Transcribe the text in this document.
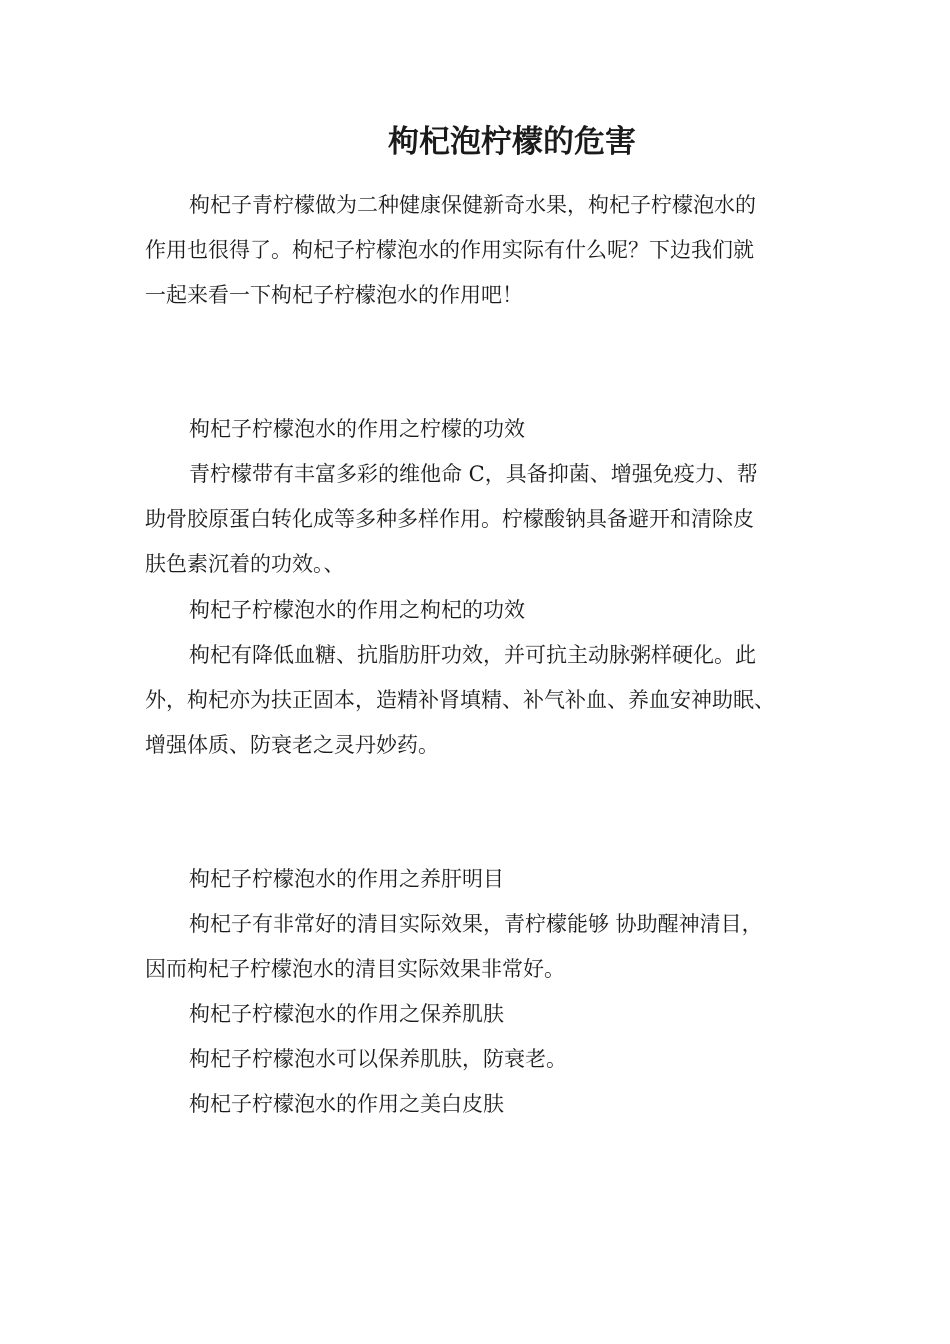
枸杞泡柠檬的危害
枸杞子青柠檬做为二种健康保健新奇水果，枸杞子柠檬泡水的
作用也很得了。枸杞子柠檬泡水的作用实际有什么呢？下边我们就
一起来看一下枸杞子柠檬泡水的作用吧！
枸杞子柠檬泡水的作用之柠檬的功效
青柠檬带有丰富多彩的维他命 C，具备抑菌、增强免疫力、帮
助骨胶原蛋白转化成等多种多样作用。柠檬酸钠具备避开和清除皮
肤色素沉着的功效。、
枸杞子柠檬泡水的作用之枸杞的功效
枸杞有降低血糖、抗脂肪肝功效，并可抗主动脉粥样硬化。此
外，枸杞亦为扶正固本，造精补肾填精、补气补血、养血安神助眠、
增强体质、防衰老之灵丹妙药。
枸杞子柠檬泡水的作用之养肝明目
枸杞子有非常好的清目实际效果，青柠檬能够 协助醒神清目，
因而枸杞子柠檬泡水的清目实际效果非常好。
枸杞子柠檬泡水的作用之保养肌肤
枸杞子柠檬泡水可以保养肌肤，防衰老。
枸杞子柠檬泡水的作用之美白皮肤
